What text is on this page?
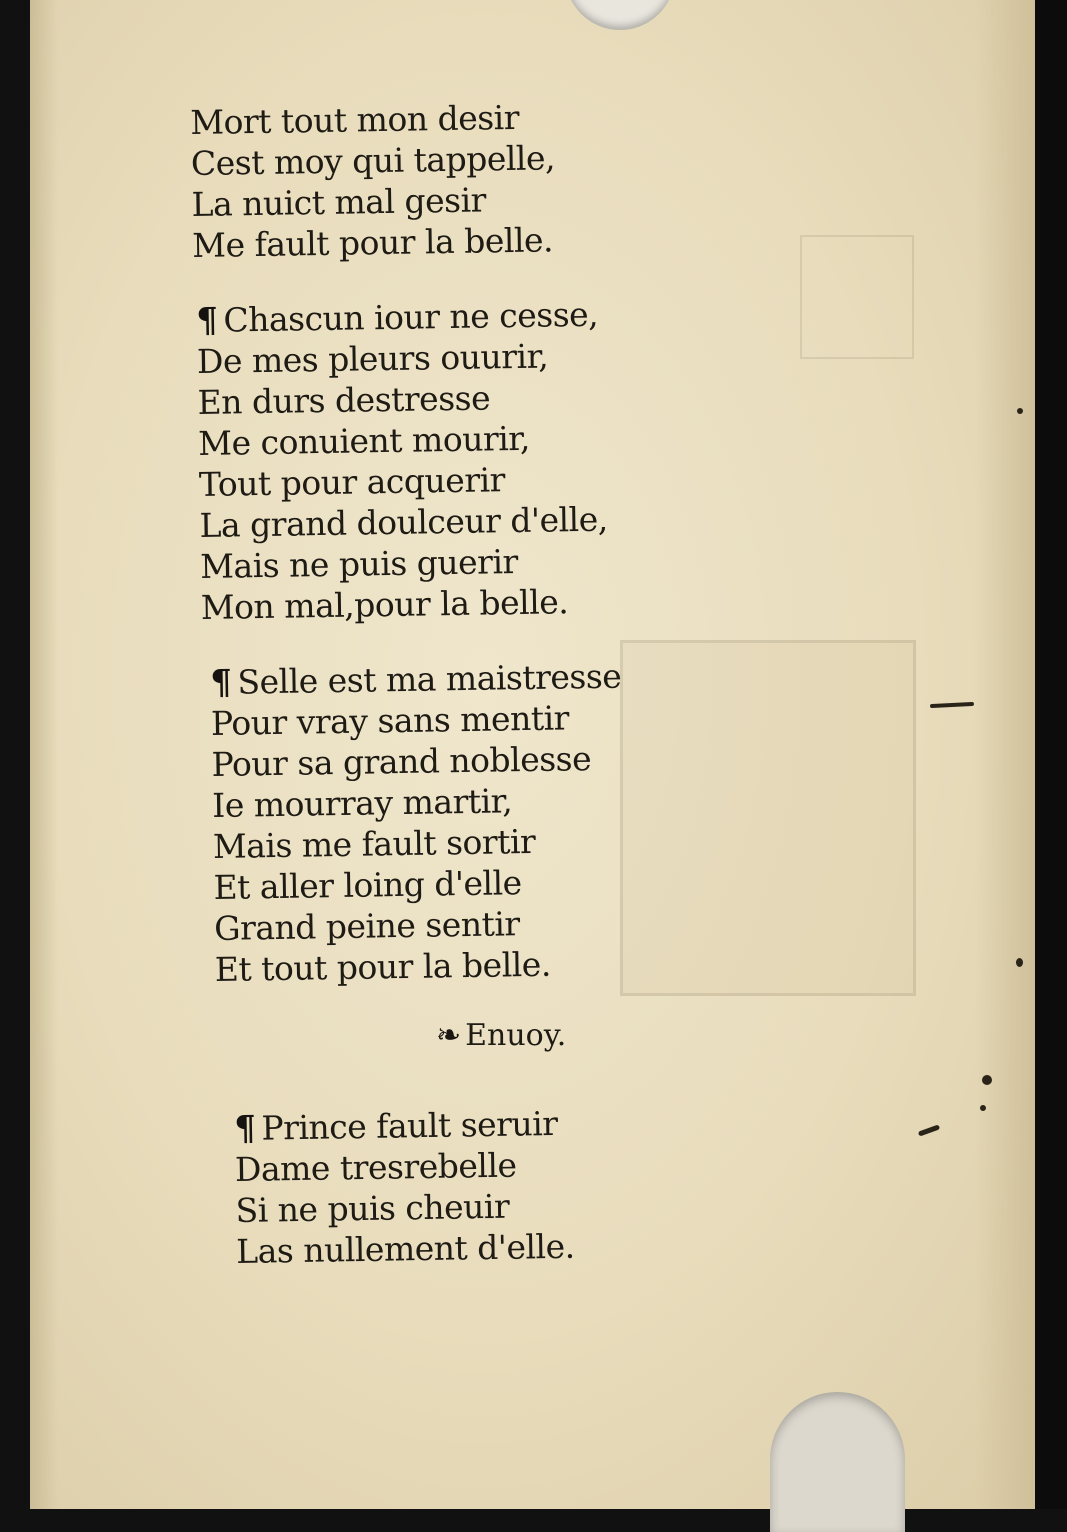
Mort tout mon desir
Cest moy qui tappelle,
La nuict mal gesir
Me fault pour la belle.
¶ Chascun iour ne cesse,
De mes pleurs ouurir,
En durs destresse
Me conuient mourir,
Tout pour acquerir
La grand doulceur d'elle,
Mais ne puis guerir
Mon mal,pour la belle.
¶ Selle est ma maistresse
Pour vray sans mentir
Pour sa grand noblesse
Ie mourray martir,
Mais me fault sortir
Et aller loing d'elle
Grand peine sentir
Et tout pour la belle.
❧ Enuoy.
¶ Prince fault seruir
Dame tresrebelle
Si ne puis cheuir
Las nullement d'elle.
